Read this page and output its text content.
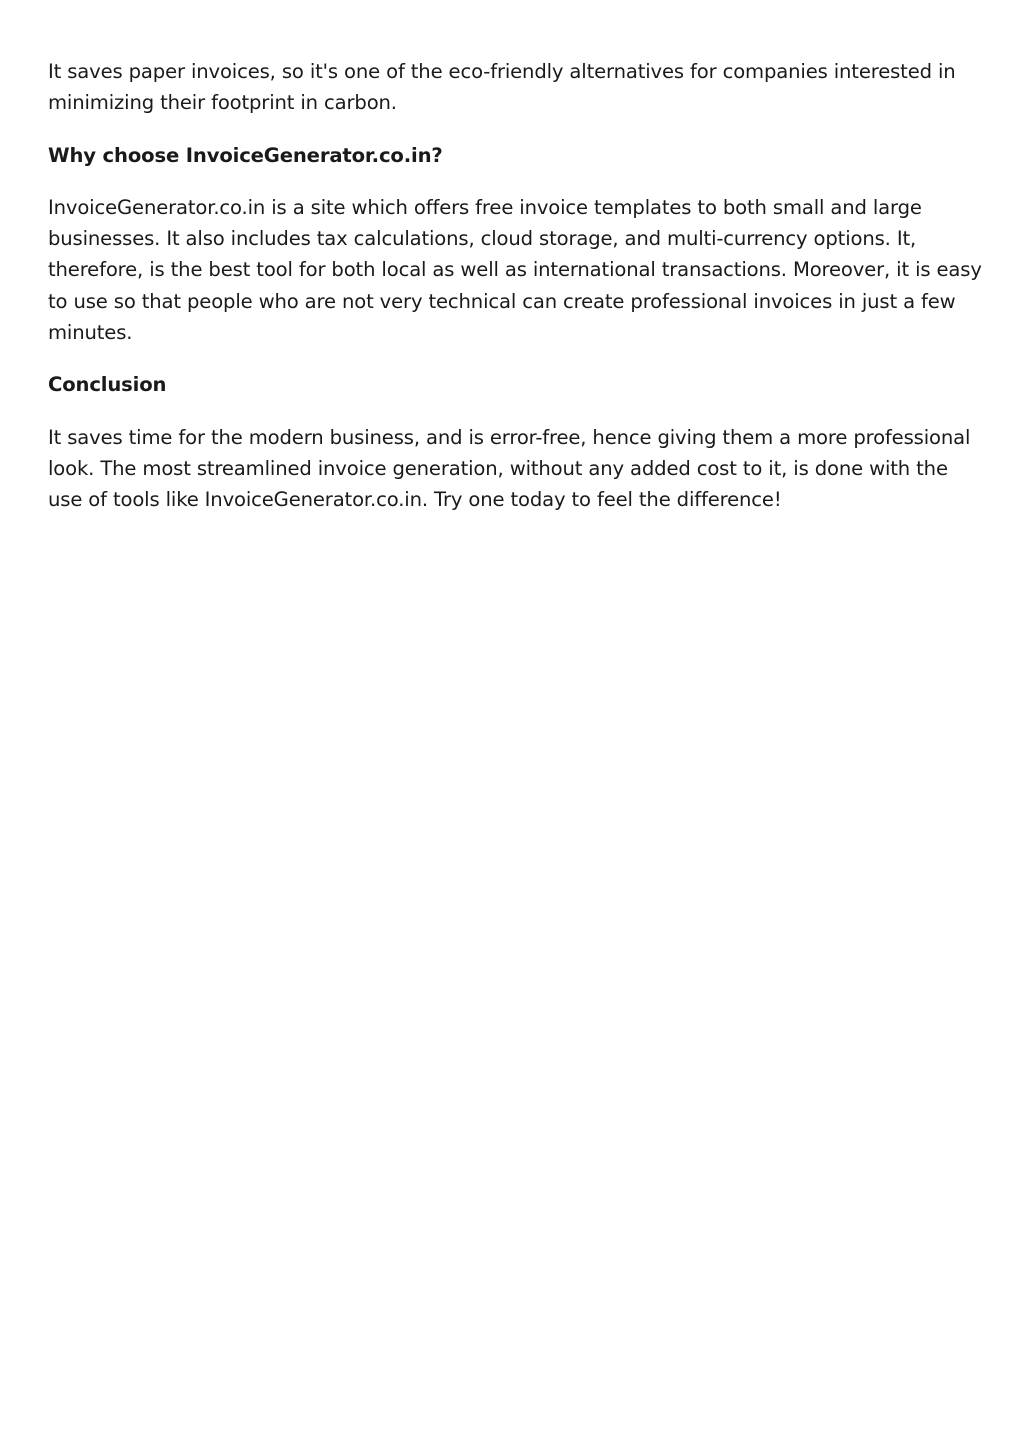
It saves paper invoices, so it's one of the eco-friendly alternatives for companies interested in minimizing their footprint in carbon.

Why choose InvoiceGenerator.co.in?

InvoiceGenerator.co.in is a site which offers free invoice templates to both small and large businesses. It also includes tax calculations, cloud storage, and multi-currency options. It, therefore, is the best tool for both local as well as international transactions. Moreover, it is easy to use so that people who are not very technical can create professional invoices in just a few minutes.

Conclusion

It saves time for the modern business, and is error-free, hence giving them a more professional look. The most streamlined invoice generation, without any added cost to it, is done with the use of tools like InvoiceGenerator.co.in. Try one today to feel the difference!
